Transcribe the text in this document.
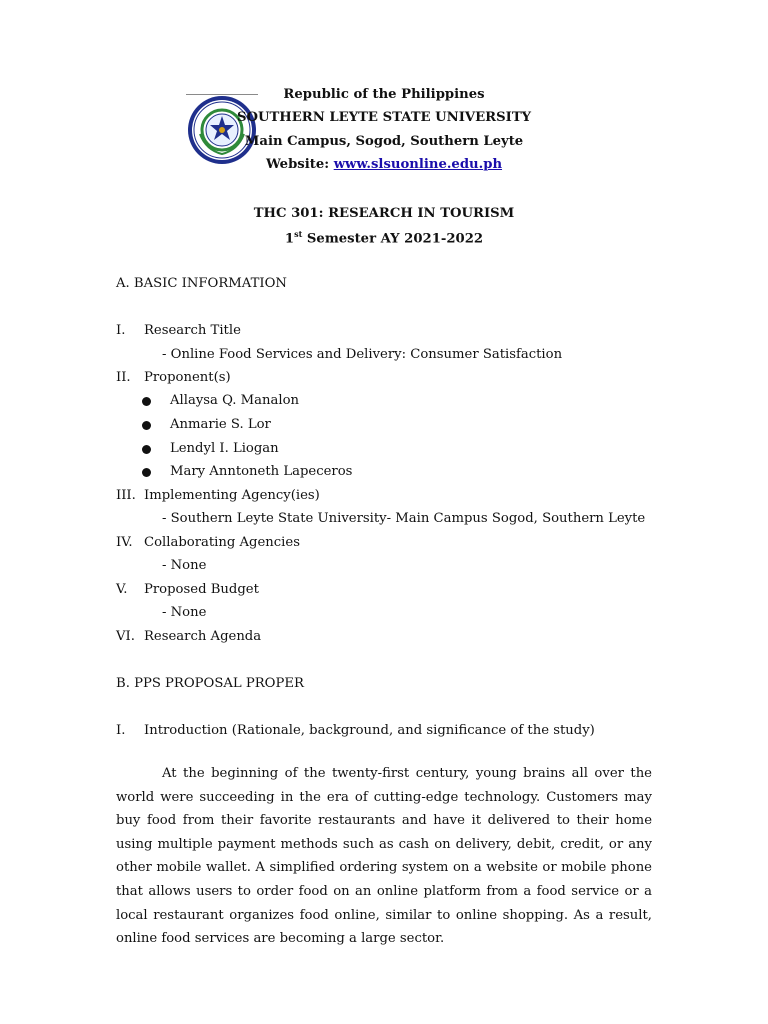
Republic of the Philippines
SOUTHERN LEYTE STATE UNIVERSITY
Main Campus, Sogod, Southern Leyte
Website: www.slsuonline.edu.ph
THC 301: RESEARCH IN TOURISM
1st Semester AY 2021-2022
A. BASIC INFORMATION
I. Research Title
- Online Food Services and Delivery: Consumer Satisfaction
II. Proponent(s)
Allaysa Q. Manalon
Anmarie S. Lor
Lendyl I. Liogan
Mary Anntoneth Lapeceros
III. Implementing Agency(ies)
- Southern Leyte State University- Main Campus Sogod, Southern Leyte
IV. Collaborating Agencies
- None
V. Proposed Budget
- None
VI. Research Agenda
B. PPS PROPOSAL PROPER
I. Introduction (Rationale, background, and significance of the study)
At the beginning of the twenty-first century, young brains all over the world were succeeding in the era of cutting-edge technology. Customers may buy food from their favorite restaurants and have it delivered to their home using multiple payment methods such as cash on delivery, debit, credit, or any other mobile wallet. A simplified ordering system on a website or mobile phone that allows users to order food on an online platform from a food service or a local restaurant organizes food online, similar to online shopping. As a result, online food services are becoming a large sector.
